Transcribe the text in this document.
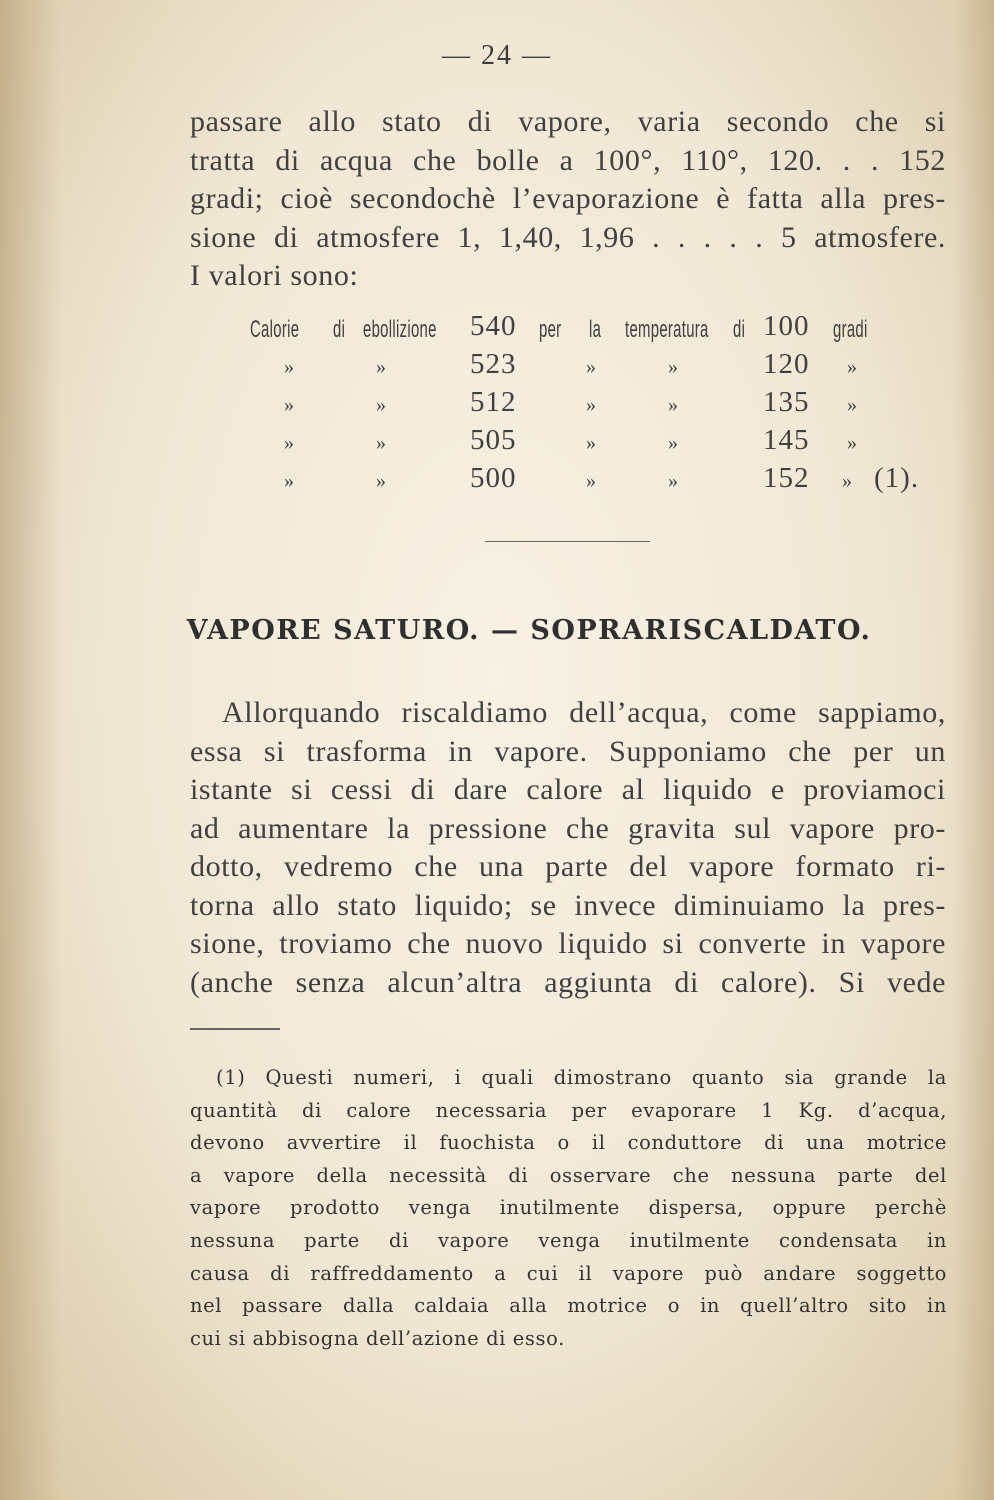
— 24 —
passare allo stato di vapore, varia secondo che si
tratta di acqua che bolle a 100°, 110°, 120. . . 152
gradi; cioè secondochè l’evaporazione è fatta alla pres-
sione di atmosfere 1, 1,40, 1,96 . . . . . 5 atmosfere.
I valori sono:
Calorie di ebollizione 540 per la temperatura di 100 gradi
»	»	523	»	»	120 »
»	»	512	»	»	135 »
»	»	505	»	»	145 »
»	»	500	»	»	152 » (1).
VAPORE SATURO. — SOPRARISCALDATO.
Allorquando riscaldiamo dell’acqua, come sappiamo,
essa si trasforma in vapore. Supponiamo che per un
istante si cessi di dare calore al liquido e proviamoci
ad aumentare la pressione che gravita sul vapore pro-
dotto, vedremo che una parte del vapore formato ri-
torna allo stato liquido; se invece diminuiamo la pres-
sione, troviamo che nuovo liquido si converte in vapore
(anche senza alcun’altra aggiunta di calore). Si vede
(1) Questi numeri, i quali dimostrano quanto sia grande la
quantità di calore necessaria per evaporare 1 Kg. d’acqua,
devono avvertire il fuochista o il conduttore di una motrice
a vapore della necessità di osservare che nessuna parte del
vapore prodotto venga inutilmente dispersa, oppure perchè
nessuna parte di vapore venga inutilmente condensata in
causa di raffreddamento a cui il vapore può andare soggetto
nel passare dalla caldaia alla motrice o in quell’altro sito in
cui si abbisogna dell’azione di esso.
